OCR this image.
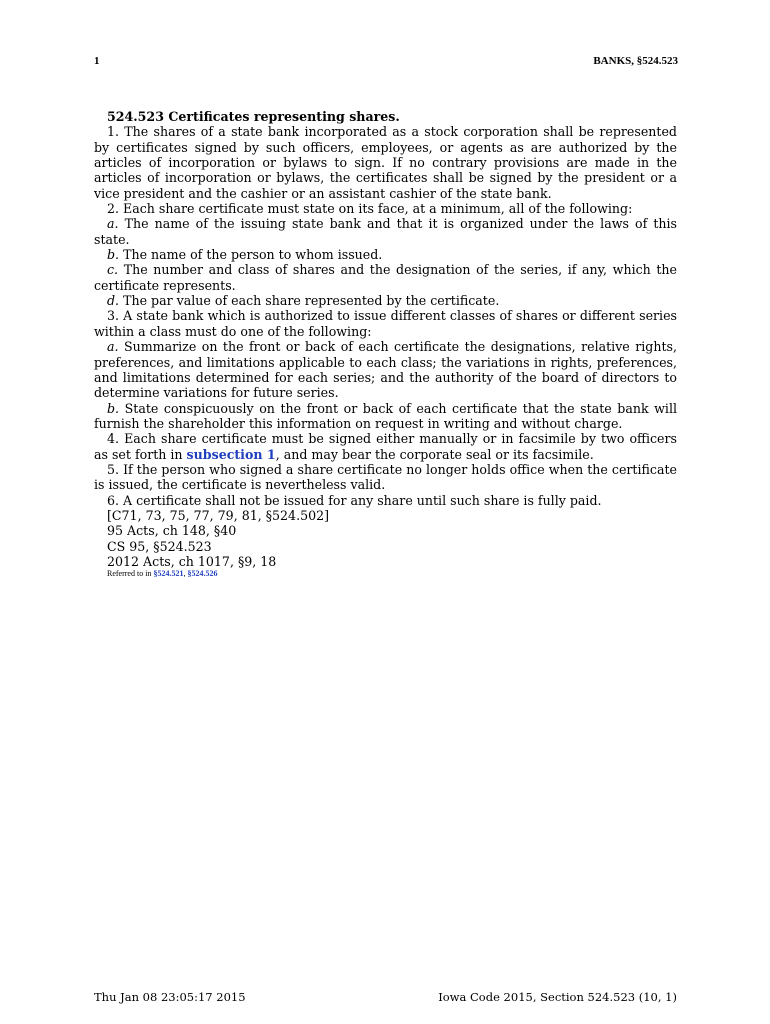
1	BANKS, §524.523

524.523 Certificates representing shares.

1. The shares of a state bank incorporated as a stock corporation shall be represented by certificates signed by such officers, employees, or agents as are authorized by the articles of incorporation or bylaws to sign. If no contrary provisions are made in the articles of incorporation or bylaws, the certificates shall be signed by the president or a vice president and the cashier or an assistant cashier of the state bank.

2. Each share certificate must state on its face, at a minimum, all of the following:

a. The name of the issuing state bank and that it is organized under the laws of this state.

b. The name of the person to whom issued.

c. The number and class of shares and the designation of the series, if any, which the certificate represents.

d. The par value of each share represented by the certificate.

3. A state bank which is authorized to issue different classes of shares or different series within a class must do one of the following:

a. Summarize on the front or back of each certificate the designations, relative rights, preferences, and limitations applicable to each class; the variations in rights, preferences, and limitations determined for each series; and the authority of the board of directors to determine variations for future series.

b. State conspicuously on the front or back of each certificate that the state bank will furnish the shareholder this information on request in writing and without charge.

4. Each share certificate must be signed either manually or in facsimile by two officers as set forth in subsection 1, and may bear the corporate seal or its facsimile.

5. If the person who signed a share certificate no longer holds office when the certificate is issued, the certificate is nevertheless valid.

6. A certificate shall not be issued for any share until such share is fully paid.

[C71, 73, 75, 77, 79, 81, §524.502]
95 Acts, ch 148, §40
CS 95, §524.523
2012 Acts, ch 1017, §9, 18
Referred to in §524.521, §524.526
Thu Jan 08 23:05:17 2015	Iowa Code 2015, Section 524.523 (10, 1)
